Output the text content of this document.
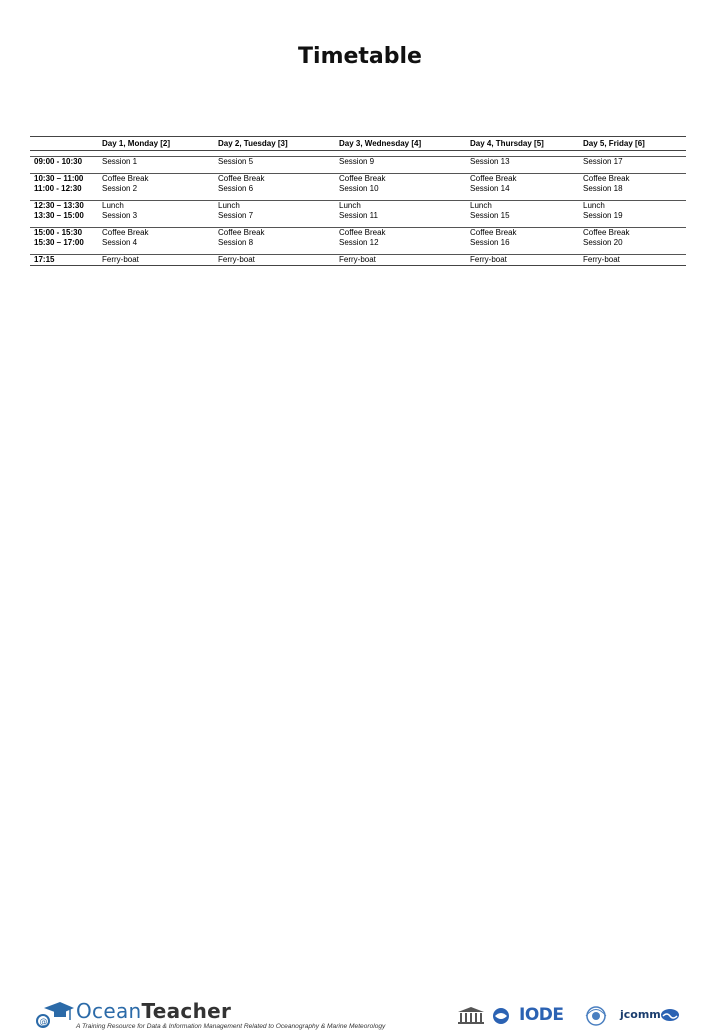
Timetable
	Day 1, Monday [2]	Day 2, Tuesday [3]	Day 3, Wednesday [4]	Day 4, Thursday [5]	Day 5, Friday [6]

09:00 - 10:30	Session 1	Session 5	Session 9	Session 13	Session 17

10:30 – 11:00	Coffee Break	Coffee Break	Coffee Break	Coffee Break	Coffee Break
11:00 - 12:30	Session 2	Session 6	Session 10	Session 14	Session 18

12:30 – 13:30	Lunch	Lunch	Lunch	Lunch	Lunch
13:30 – 15:00	Session 3	Session 7	Session 11	Session 15	Session 19

15:00 - 15:30	Coffee Break	Coffee Break	Coffee Break	Coffee Break	Coffee Break
15:30 – 17:00	Session 4	Session 8	Session 12	Session 16	Session 20

17:15	Ferry-boat	Ferry-boat	Ferry-boat	Ferry-boat	Ferry-boat
@ OceanTeacher
A Training Resource for Data & Information Management Related to Oceanography & Marine Meteorology
IODE	jcomm
